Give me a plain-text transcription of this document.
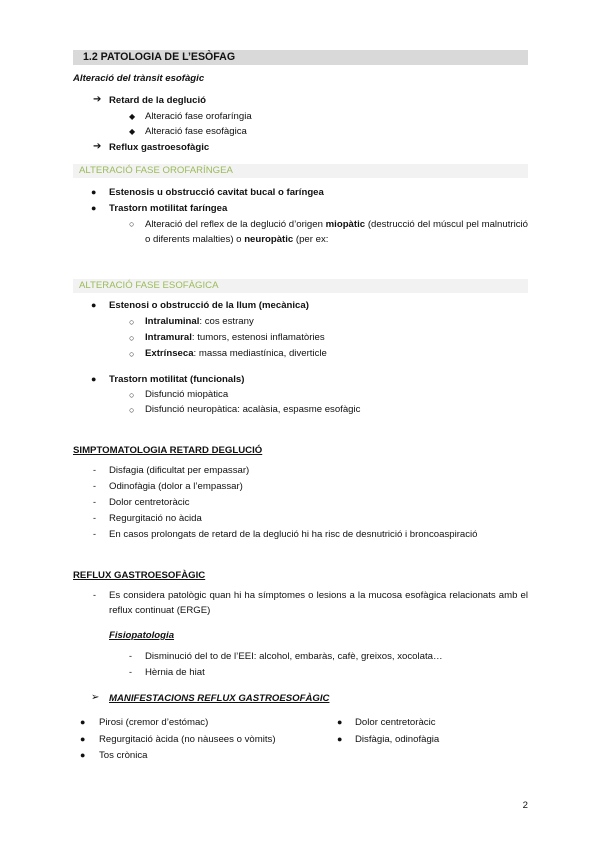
1.2 PATOLOGIA DE L’ESÒFAG
Alteració del trànsit esofàgic
➔ Retard de la deglució
◆ Alteració fase orofaríngia
◆ Alteració fase esofàgica
➔ Reflux gastroesofàgic
ALTERACIÓ FASE OROFARÍNGEA
● Estenosis u obstrucció cavitat bucal o faríngea
● Trastorn motilitat faríngea
○ Alteració del reflex de la deglució d’origen miopàtic (destrucció del múscul pel malnutrició o diferents malalties) o neuropàtic (per ex:
ALTERACIÓ FASE ESOFÀGICA
● Estenosi o obstrucció de la llum (mecànica)
○ Intraluminal: cos estrany
○ Intramural: tumors, estenosi inflamatòries
○ Extrínseca: massa mediastínica, diverticle
● Trastorn motilitat (funcionals)
○ Disfunció miopàtica
○ Disfunció neuropàtica: acalàsia, espasme esofàgic
SIMPTOMATOLOGIA RETARD DEGLUCIÓ
- Disfagia (dificultat per empassar)
- Odinofàgia (dolor a l’empassar)
- Dolor centretoràcic
- Regurgitació no àcida
- En casos prolongats de retard de la deglució hi ha risc de desnutrició i broncoaspiració
REFLUX GASTROESOFÀGIC
- Es considera patològic quan hi ha símptomes o lesions a la mucosa esofàgica relacionats amb el reflux continuat (ERGE)
Fisiopatologia
- Disminució del to de l’EEI: alcohol, embaràs, cafè, greixos, xocolata…
- Hèrnia de hiat
➢ MANIFESTACIONS REFLUX GASTROESOFÀGIC
● Pirosi (cremor d’estómac)
● Regurgitació àcida (no nàusees o vòmits)
● Tos crònica
● Dolor centretoràcic
● Disfàgia, odinofàgia
2
